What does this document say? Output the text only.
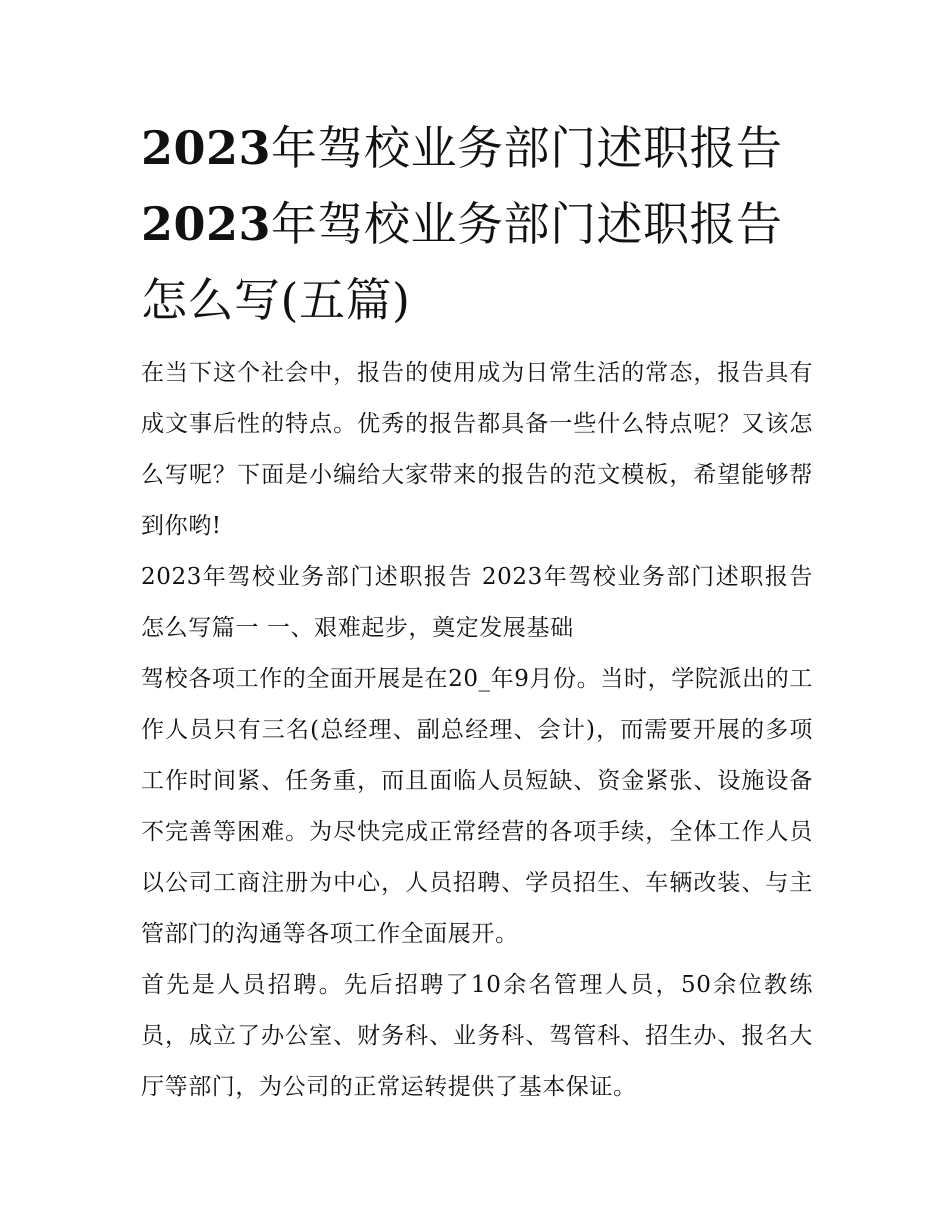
2023年驾校业务部门述职报告 2023年驾校业务部门述职报告怎么写(五篇)

在当下这个社会中，报告的使用成为日常生活的常态，报告具有成文事后性的特点。优秀的报告都具备一些什么特点呢？又该怎么写呢？下面是小编给大家带来的报告的范文模板，希望能够帮到你哟!

2023年驾校业务部门述职报告 2023年驾校业务部门述职报告怎么写篇一 一、艰难起步，奠定发展基础

驾校各项工作的全面开展是在20_年9月份。当时，学院派出的工作人员只有三名(总经理、副总经理、会计)，而需要开展的多项工作时间紧、任务重，而且面临人员短缺、资金紧张、设施设备不完善等困难。为尽快完成正常经营的各项手续，全体工作人员以公司工商注册为中心，人员招聘、学员招生、车辆改装、与主管部门的沟通等各项工作全面展开。

首先是人员招聘。先后招聘了10余名管理人员，50余位教练员，成立了办公室、财务科、业务科、驾管科、招生办、报名大厅等部门，为公司的正常运转提供了基本保证。
